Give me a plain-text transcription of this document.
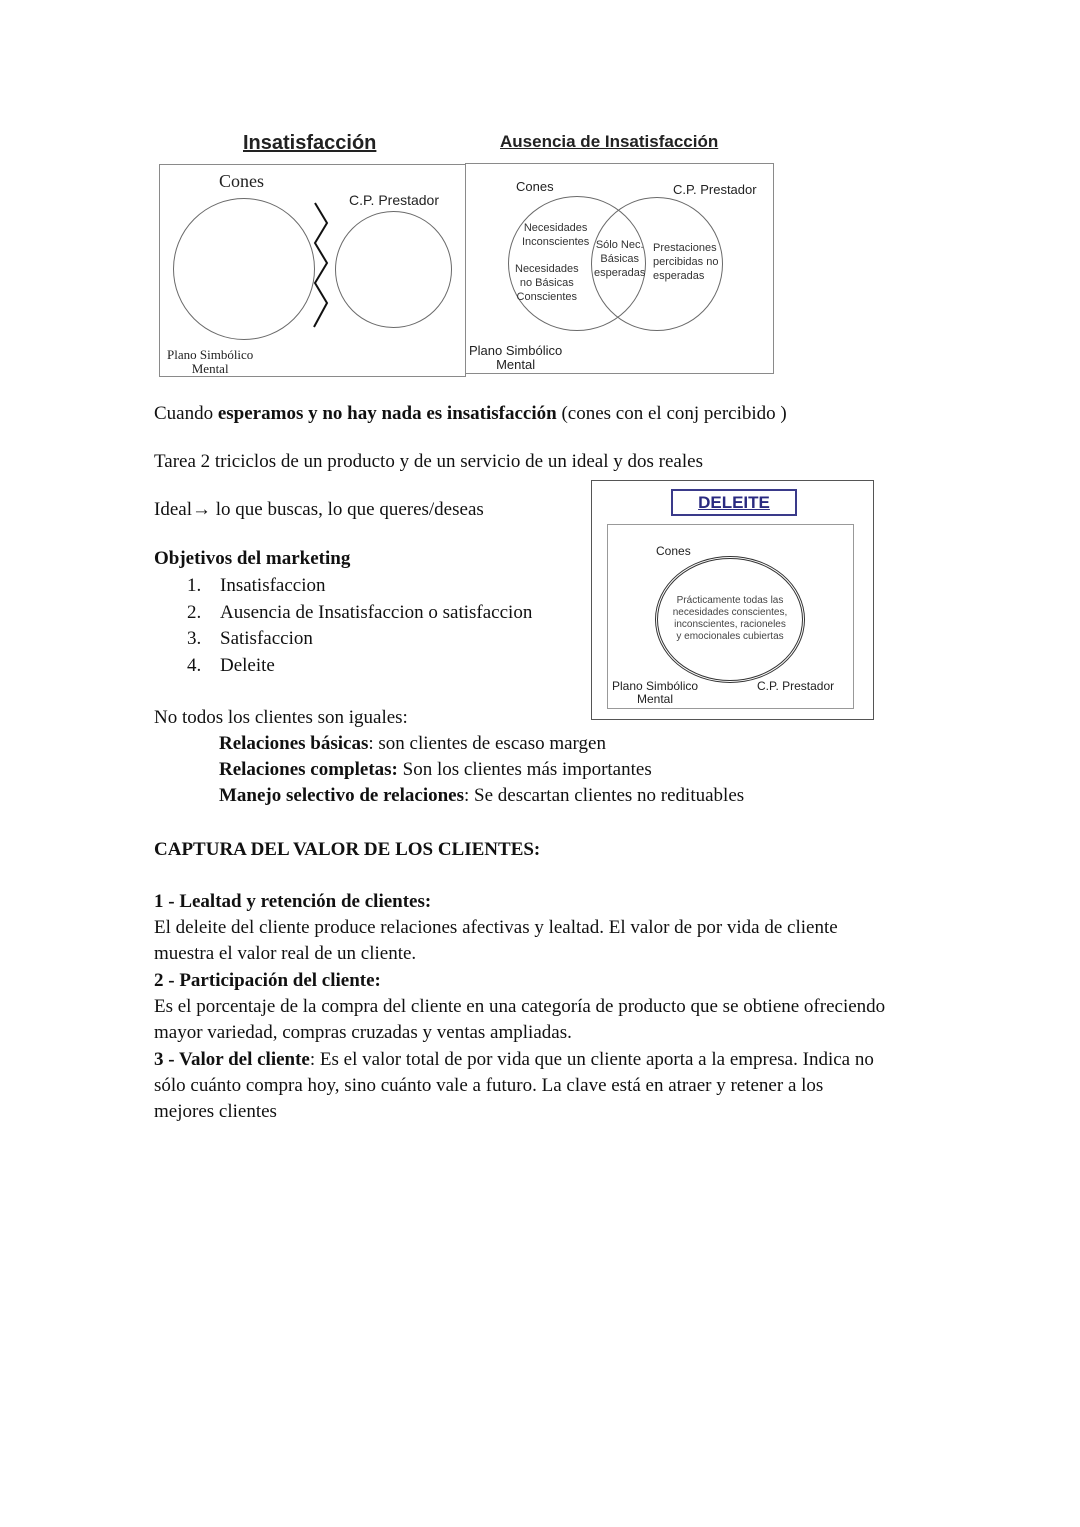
Insatisfacción
Cones
C.P. Prestador
Plano Simbólico
Mental
Ausencia de Insatisfacción
Cones	C.P. Prestador
Necesidades
Inconscientes
Necesidades
no Básicas
Conscientes
Sólo Nec.
Básicas
esperadas
Prestaciones
percibidas no
esperadas
Plano Simbólico
Mental
Cuando esperamos y no hay nada es insatisfacción (cones con el conj percibido )
Tarea 2 triciclos de un producto y de un servicio de un ideal y dos reales
Ideal→ lo que buscas, lo que queres/deseas
Objetivos del marketing
1. Insatisfaccion
2. Ausencia de Insatisfaccion o satisfaccion
3. Satisfaccion
4. Deleite
DELEITE
Cones
Prácticamente todas las
necesidades conscientes,
inconscientes, racioneles
y emocionales cubiertas
Plano Simbólico
Mental
C.P. Prestador
No todos los clientes son iguales:
Relaciones básicas: son clientes de escaso margen
Relaciones completas: Son los clientes más importantes
Manejo selectivo de relaciones: Se descartan clientes no redituables
CAPTURA DEL VALOR DE LOS CLIENTES:
1 - Lealtad y retención de clientes:
El deleite del cliente produce relaciones afectivas y lealtad. El valor de por vida de cliente
muestra el valor real de un cliente.
2 - Participación del cliente:
Es el porcentaje de la compra del cliente en una categoría de producto que se obtiene ofreciendo
mayor variedad, compras cruzadas y ventas ampliadas.
3 - Valor del cliente: Es el valor total de por vida que un cliente aporta a la empresa. Indica no
sólo cuánto compra hoy, sino cuánto vale a futuro. La clave está en atraer y retener a los
mejores clientes
